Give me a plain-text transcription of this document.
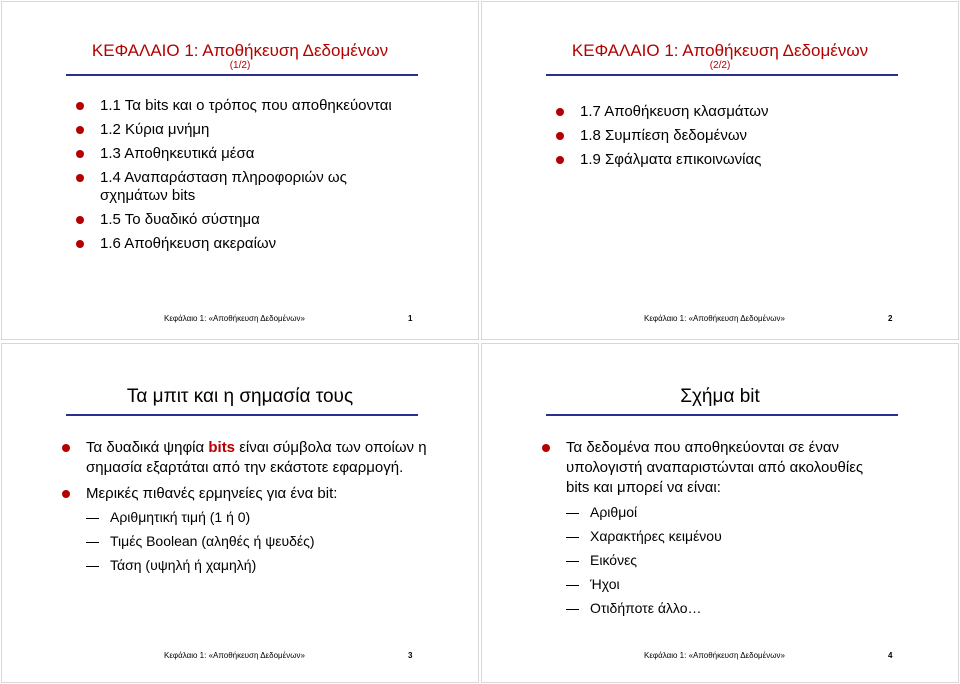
ΚΕΦΑΛΑΙΟ 1: Αποθήκευση Δεδομένων
(1/2)
1.1 Τα bits και ο τρόπος που αποθηκεύονται
1.2 Κύρια μνήμη
1.3 Αποθηκευτικά μέσα
1.4 Αναπαράσταση πληροφοριών ως σχημάτων bits
1.5 Το δυαδικό σύστημα
1.6 Αποθήκευση ακεραίων
Κεφάλαιο 1: «Αποθήκευση Δεδομένων»	1
ΚΕΦΑΛΑΙΟ 1: Αποθήκευση Δεδομένων
(2/2)
1.7 Αποθήκευση κλασμάτων
1.8 Συμπίεση δεδομένων
1.9 Σφάλματα επικοινωνίας
Κεφάλαιο 1: «Αποθήκευση Δεδομένων»	2
Τα μπιτ και η σημασία τους
Τα δυαδικά ψηφία bits είναι σύμβολα των οποίων η σημασία εξαρτάται από την εκάστοτε εφαρμογή.
Μερικές πιθανές ερμηνείες για ένα bit:
Αριθμητική τιμή (1 ή 0)
Τιμές Boolean (αληθές ή ψευδές)
Τάση (υψηλή ή χαμηλή)
Κεφάλαιο 1: «Αποθήκευση Δεδομένων»	3
Σχήμα bit
Τα δεδομένα που αποθηκεύονται σε έναν υπολογιστή αναπαριστώνται από ακολουθίες bits και μπορεί να είναι:
Αριθμοί
Χαρακτήρες κειμένου
Εικόνες
Ήχοι
Οτιδήποτε άλλο…
Κεφάλαιο 1: «Αποθήκευση Δεδομένων»	4
